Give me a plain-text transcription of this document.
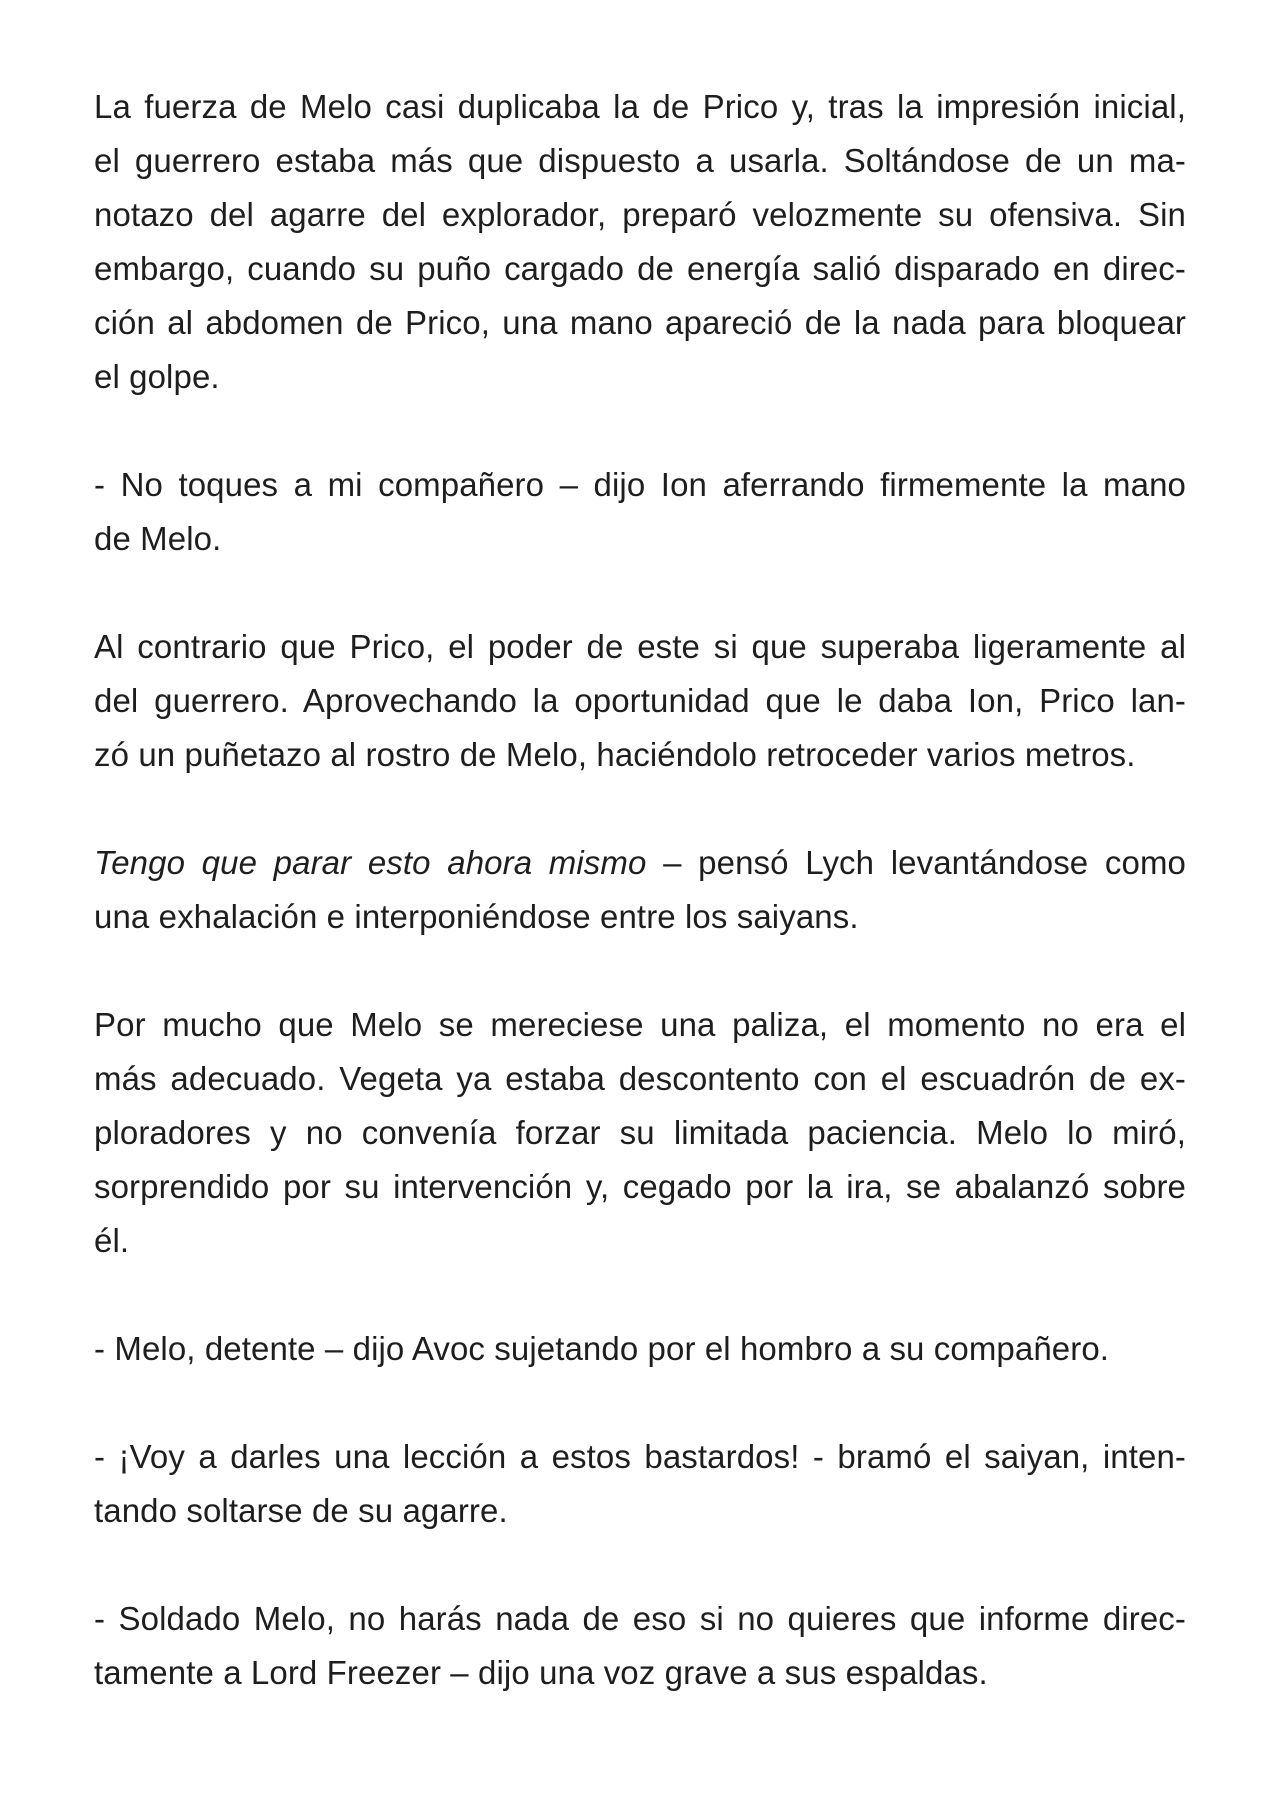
La fuerza de Melo casi duplicaba la de Prico y, tras la impresión inicial,
el guerrero estaba más que dispuesto a usarla. Soltándose de un ma-
notazo del agarre del explorador, preparó velozmente su ofensiva. Sin
embargo, cuando su puño cargado de energía salió disparado en direc-
ción al abdomen de Prico, una mano apareció de la nada para bloquear
el golpe.

- No toques a mi compañero – dijo Ion aferrando firmemente la mano
de Melo.

Al contrario que Prico, el poder de este si que superaba ligeramente al
del guerrero. Aprovechando la oportunidad que le daba Ion, Prico lan-
zó un puñetazo al rostro de Melo, haciéndolo retroceder varios metros.

Tengo que parar esto ahora mismo – pensó Lych levantándose como
una exhalación e interponiéndose entre los saiyans.

Por mucho que Melo se mereciese una paliza, el momento no era el
más adecuado. Vegeta ya estaba descontento con el escuadrón de ex-
ploradores y no convenía forzar su limitada paciencia. Melo lo miró,
sorprendido por su intervención y, cegado por la ira, se abalanzó sobre
él.

- Melo, detente – dijo Avoc sujetando por el hombro a su compañero.

- ¡Voy a darles una lección a estos bastardos! - bramó el saiyan, inten-
tando soltarse de su agarre.

- Soldado Melo, no harás nada de eso si no quieres que informe direc-
tamente a Lord Freezer – dijo una voz grave a sus espaldas.
